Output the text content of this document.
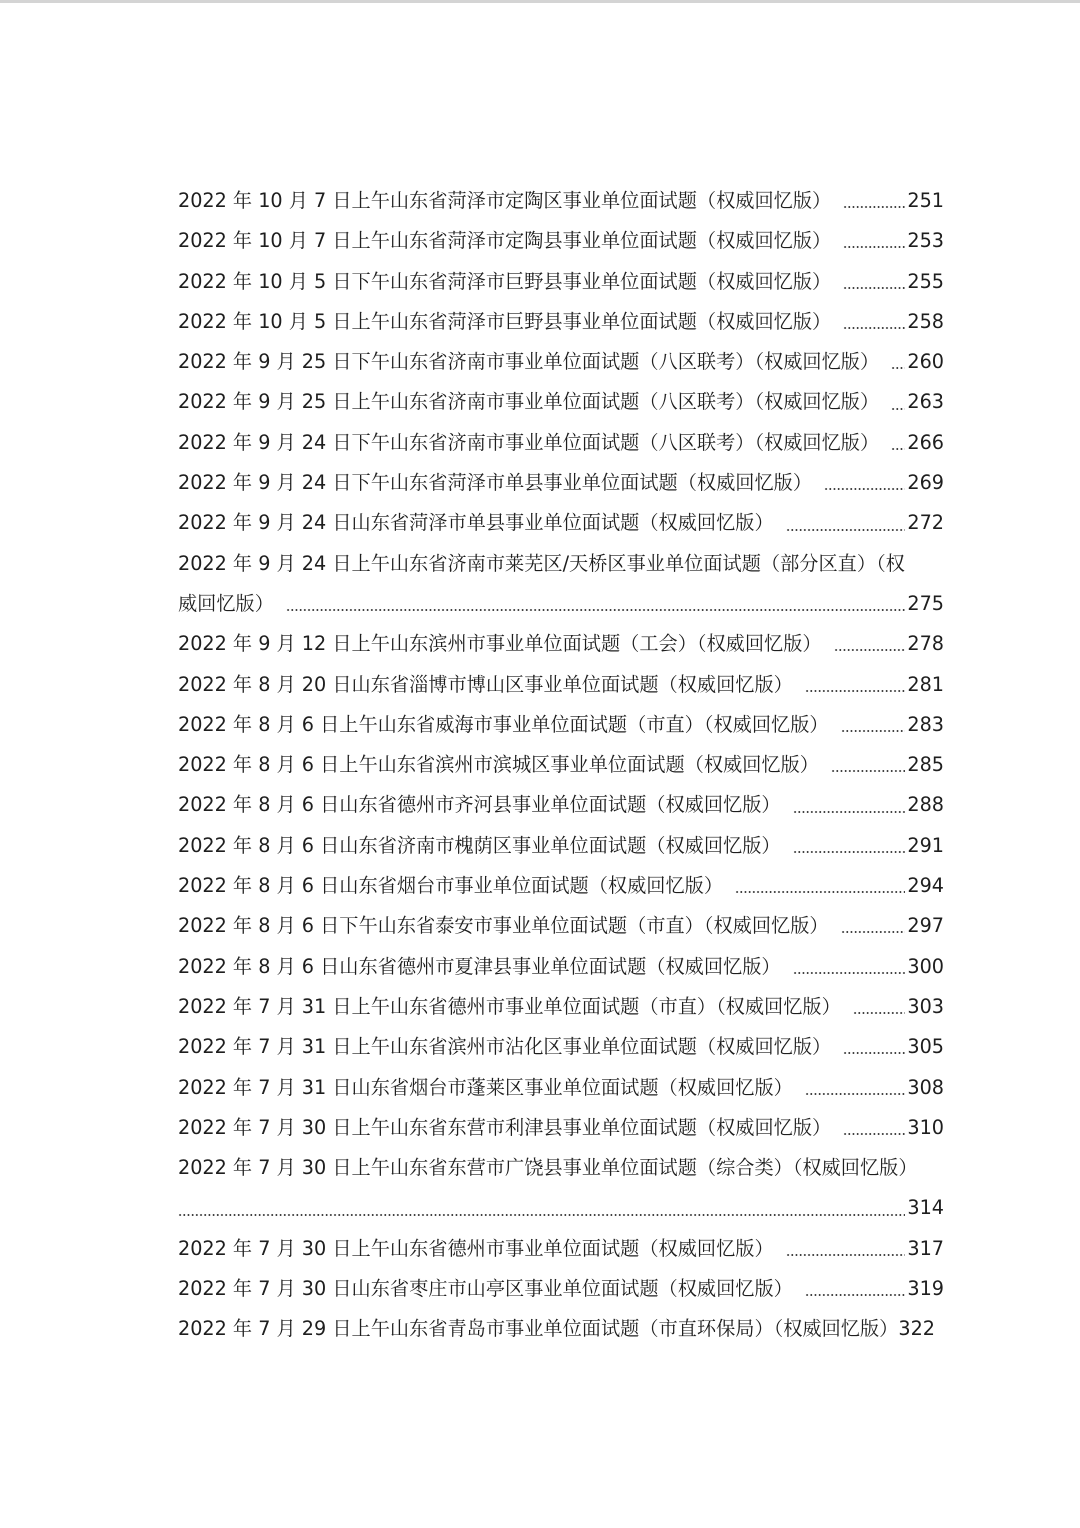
2022 年 10 月 7 日上午山东省菏泽市定陶区事业单位面试题（权威回忆版）	251
2022 年 10 月 7 日上午山东省菏泽市定陶县事业单位面试题（权威回忆版）	253
2022 年 10 月 5 日下午山东省菏泽市巨野县事业单位面试题（权威回忆版）	255
2022 年 10 月 5 日上午山东省菏泽市巨野县事业单位面试题（权威回忆版）	258
2022 年 9 月 25 日下午山东省济南市事业单位面试题（八区联考）（权威回忆版） 260
2022 年 9 月 25 日上午山东省济南市事业单位面试题（八区联考）（权威回忆版） 263
2022 年 9 月 24 日下午山东省济南市事业单位面试题（八区联考）（权威回忆版） 266
2022 年 9 月 24 日下午山东省菏泽市单县事业单位面试题（权威回忆版）	269
2022 年 9 月 24 日山东省菏泽市单县事业单位面试题（权威回忆版）	272
2022 年 9 月 24 日上午山东省济南市莱芜区/天桥区事业单位面试题（部分区直）（权
威回忆版）	275
2022 年 9 月 12 日上午山东滨州市事业单位面试题（工会）（权威回忆版）	278
2022 年 8 月 20 日山东省淄博市博山区事业单位面试题（权威回忆版）	281
2022 年 8 月 6 日上午山东省威海市事业单位面试题（市直）（权威回忆版）	283
2022 年 8 月 6 日上午山东省滨州市滨城区事业单位面试题（权威回忆版）	285
2022 年 8 月 6 日山东省德州市齐河县事业单位面试题（权威回忆版）	288
2022 年 8 月 6 日山东省济南市槐荫区事业单位面试题（权威回忆版）	291
2022 年 8 月 6 日山东省烟台市事业单位面试题（权威回忆版）	294
2022 年 8 月 6 日下午山东省泰安市事业单位面试题（市直）（权威回忆版）	297
2022 年 8 月 6 日山东省德州市夏津县事业单位面试题（权威回忆版）	300
2022 年 7 月 31 日上午山东省德州市事业单位面试题（市直）（权威回忆版）	303
2022 年 7 月 31 日上午山东省滨州市沾化区事业单位面试题（权威回忆版）	305
2022 年 7 月 31 日山东省烟台市蓬莱区事业单位面试题（权威回忆版）	308
2022 年 7 月 30 日上午山东省东营市利津县事业单位面试题（权威回忆版）	310
2022 年 7 月 30 日上午山东省东营市广饶县事业单位面试题（综合类）（权威回忆版）
314
2022 年 7 月 30 日上午山东省德州市事业单位面试题（权威回忆版）	317
2022 年 7 月 30 日山东省枣庄市山亭区事业单位面试题（权威回忆版）	319
2022 年 7 月 29 日上午山东省青岛市事业单位面试题（市直环保局）（权威回忆版） 322
